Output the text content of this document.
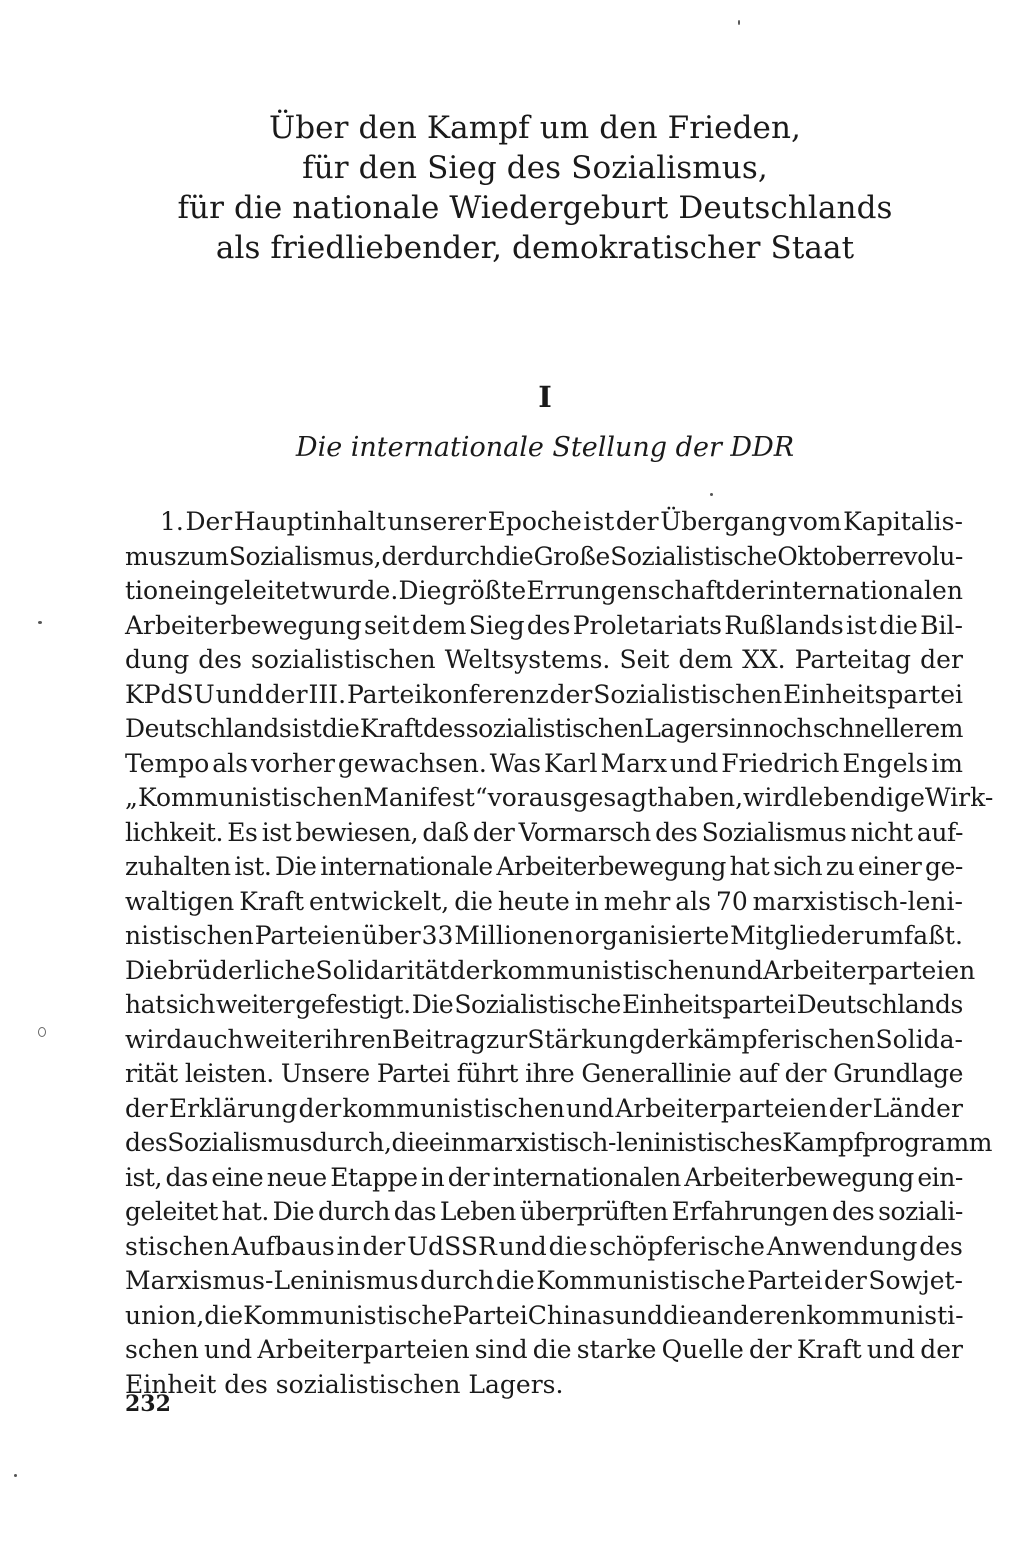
Über den Kampf um den Frieden,
für den Sieg des Sozialismus,
für die nationale Wiedergeburt Deutschlands
als friedliebender, demokratischer Staat
I
Die internationale Stellung der DDR
1. Der Hauptinhalt unserer Epoche ist der Übergang vom Kapitalis-
mus zum Sozialismus, der durch die Große Sozialistische Oktoberrevolu-
tion eingeleitet wurde. Die größte Errungenschaft der internationalen
Arbeiterbewegung seit dem Sieg des Proletariats Rußlands ist die Bil-
dung des sozialistischen Weltsystems. Seit dem XX. Parteitag der
KPdSU und der III. Parteikonferenz der Sozialistischen Einheitspartei
Deutschlands ist die Kraft des sozialistischen Lagers in noch schnellerem
Tempo als vorher gewachsen. Was Karl Marx und Friedrich Engels im
„Kommunistischen Manifest“ vorausgesagt haben, wird lebendige Wirk-
lichkeit. Es ist bewiesen, daß der Vormarsch des Sozialismus nicht auf-
zuhalten ist. Die internationale Arbeiterbewegung hat sich zu einer ge-
waltigen Kraft entwickelt, die heute in mehr als 70 marxistisch-leni-
nistischen Parteien über 33 Millionen organisierte Mitglieder umfaßt.
Die brüderliche Solidarität der kommunistischen und Arbeiterparteien
hat sich weiter gefestigt. Die Sozialistische Einheitspartei Deutschlands
wird auch weiter ihren Beitrag zur Stärkung der kämpferischen Solida-
rität leisten. Unsere Partei führt ihre Generallinie auf der Grundlage
der Erklärung der kommunistischen und Arbeiterparteien der Länder
des Sozialismus durch, die ein marxistisch-leninistisches Kampfprogramm
ist, das eine neue Etappe in der internationalen Arbeiterbewegung ein-
geleitet hat. Die durch das Leben überprüften Erfahrungen des soziali-
stischen Aufbaus in der UdSSR und die schöpferische Anwendung des
Marxismus-Leninismus durch die Kommunistische Partei der Sowjet-
union, die Kommunistische Partei Chinas und die anderen kommunisti-
schen und Arbeiterparteien sind die starke Quelle der Kraft und der
Einheit des sozialistischen Lagers.
232
